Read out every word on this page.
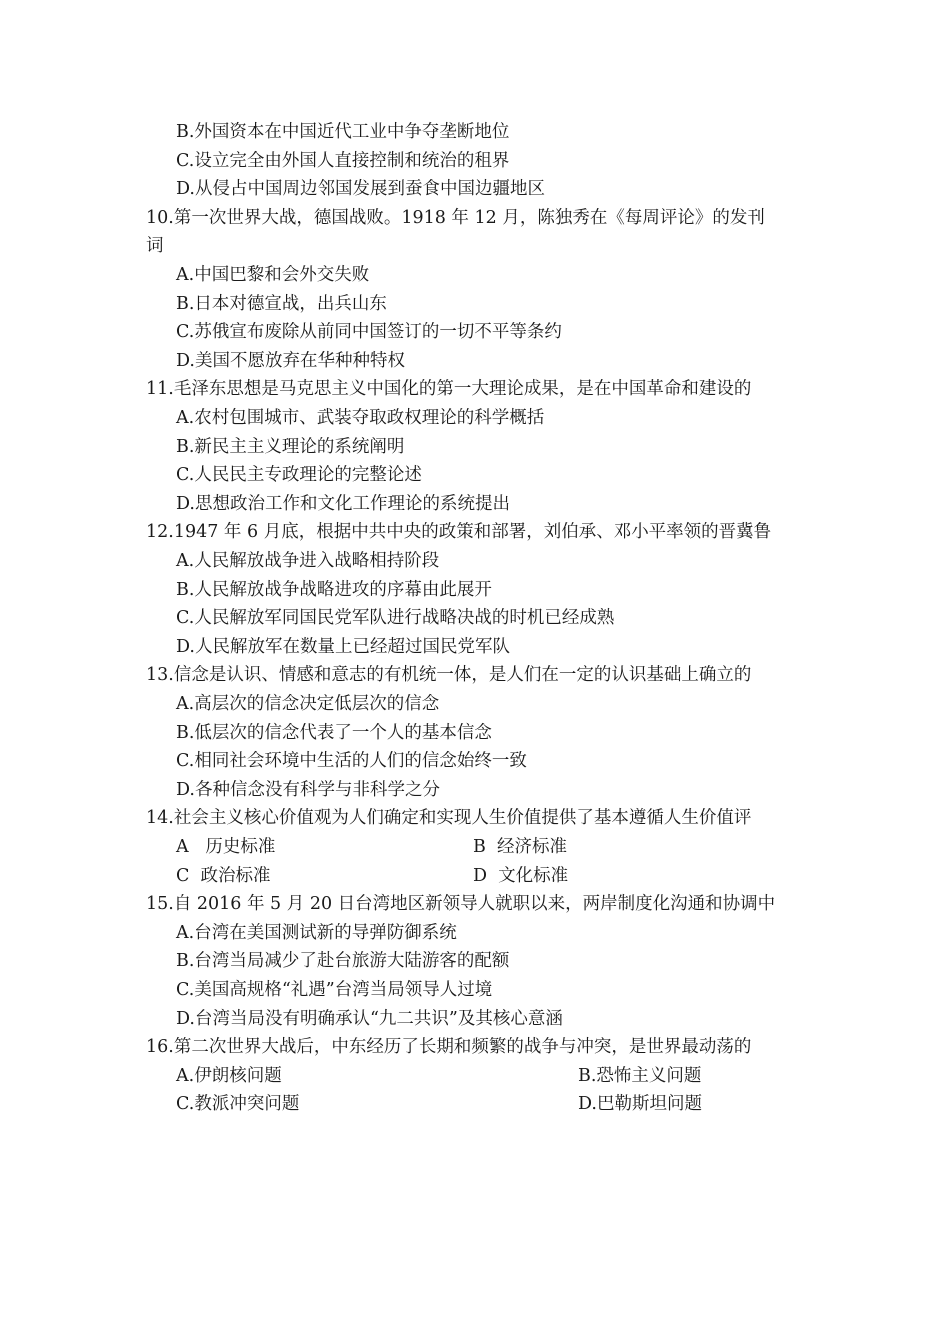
B.外国资本在中国近代工业中争夺垄断地位
C.设立完全由外国人直接控制和统治的租界
D.从侵占中国周边邻国发展到蚕食中国边疆地区
10.第一次世界大战，德国战败。1918 年 12 月，陈独秀在《每周评论》的发刊
词
A.中国巴黎和会外交失败
B.日本对德宣战，出兵山东
C.苏俄宣布废除从前同中国签订的一切不平等条约
D.美国不愿放弃在华种种特权
11.毛泽东思想是马克思主义中国化的第一大理论成果，是在中国革命和建设的
A.农村包围城市、武装夺取政权理论的科学概括
B.新民主主义理论的系统阐明
C.人民民主专政理论的完整论述
D.思想政治工作和文化工作理论的系统提出
12.1947 年 6 月底，根据中共中央的政策和部署，刘伯承、邓小平率领的晋冀鲁
A.人民解放战争进入战略相持阶段
B.人民解放战争战略进攻的序幕由此展开
C.人民解放军同国民党军队进行战略决战的时机已经成熟
D.人民解放军在数量上已经超过国民党军队
13.信念是认识、情感和意志的有机统一体，是人们在一定的认识基础上确立的
A.高层次的信念决定低层次的信念
B.低层次的信念代表了一个人的基本信念
C.相同社会环境中生活的人们的信念始终一致
D.各种信念没有科学与非科学之分
14.社会主义核心价值观为人们确定和实现人生价值提供了基本遵循人生价值评
A   历史标准	B  经济标准
C  政治标准	D  文化标准
15.自 2016 年 5 月 20 日台湾地区新领导人就职以来，两岸制度化沟通和协调中
A.台湾在美国测试新的导弹防御系统
B.台湾当局减少了赴台旅游大陆游客的配额
C.美国高规格“礼遇”台湾当局领导人过境
D.台湾当局没有明确承认“九二共识”及其核心意涵
16.第二次世界大战后，中东经历了长期和频繁的战争与冲突，是世界最动荡的
A.伊朗核问题	B.恐怖主义问题
C.教派冲突问题	D.巴勒斯坦问题
